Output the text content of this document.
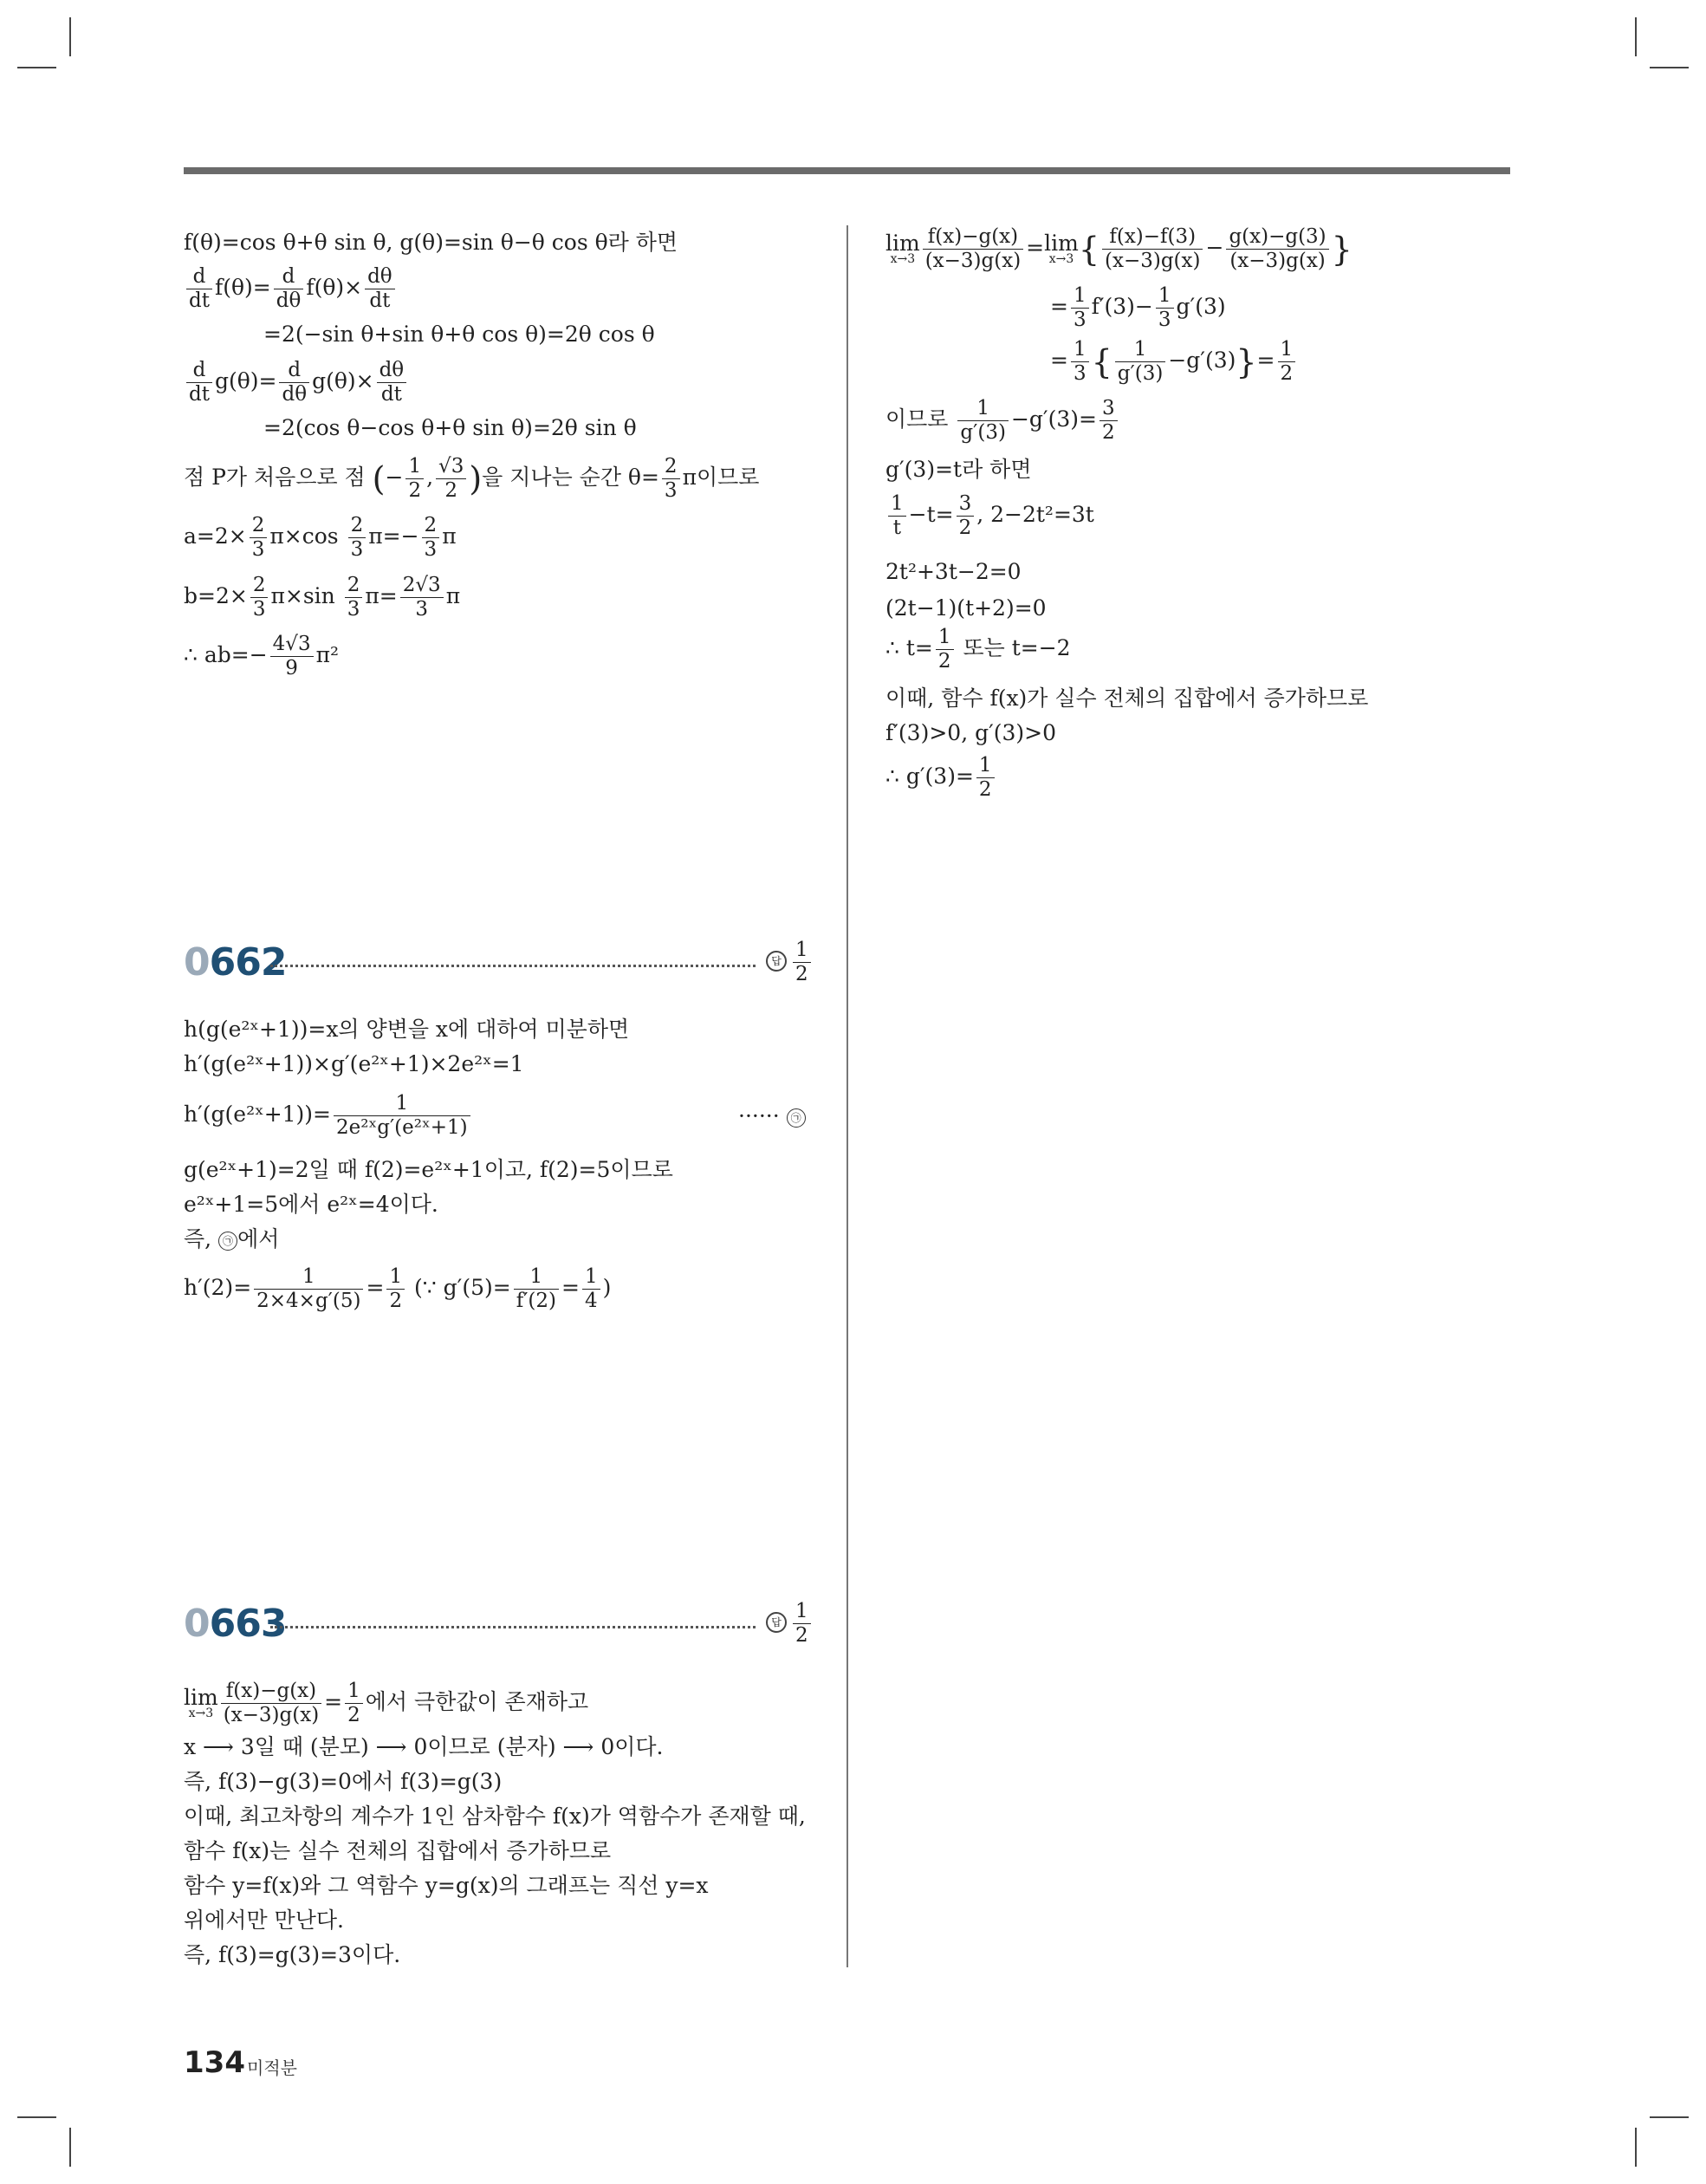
f(θ)=cos θ+θ sin θ, g(θ)=sin θ−θ cos θ라 하면
$\frac{d}{dt} f(\theta)= \frac{d}{d\theta} f(\theta)\times \frac{d\theta}{dt}$
=2(−sin θ+sin θ+θ cos θ)=2θ cos θ
$\frac{d}{dt} g(\theta)= \frac{d}{d\theta} g(\theta)\times \frac{d\theta}{dt}$
=2(cos θ−cos θ+θ sin θ)=2θ sin θ
점 P가 처음으로 점 (− $\frac{1}{2}$ , $\frac{√3}{2}$ )을 지나는 순간 $\theta= \frac{2}{3}$ π이므로
$a=2\times \frac{2}{3} \pi\times\cos \frac{2}{3} \pi=- \frac{2}{3}$ π
$b=2\times \frac{2}{3} \pi\times\sin \frac{2}{3} \pi= \frac{2√3}{3}$ π
∴ $ab=- \frac{4√3}{9} \pi^2$
0662	답 $\frac{1}{2}$
h(g(e²ˣ+1))=x의 양변을 x에 대하여 미분하면
h′(g(e²ˣ+1))×g′(e²ˣ+1)×2e²ˣ=1
h′(g(e²ˣ+1))= $\frac{1}{\text{2e²ˣg′(e²ˣ+1)}}$	······ ㉠
g(e²ˣ+1)=2일 때 f(2)=e²ˣ+1이고, f(2)=5이므로
e²ˣ+1=5에서 e²ˣ=4이다.
즉, ㉠ 에서
$h'(2)= \frac{1}{2\times 4\times g'(5)} = \frac{1}{2}$ (∵ $g'(5)= \frac{1}{f'(2)} = \frac{1}{4}$ )
0663	답 $\frac{1}{2}$
lim
$x\to 3 \frac{f(x)-g(x)}{(x-3)g(x)} = \frac{1}{2}$ 에서 극한값이 존재하고
x ⟶ 3일 때 (분모) ⟶ 0이므로 (분자) ⟶ 0이다.
즉, f(3)−g(3)=0에서 f(3)=g(3)
이때, 최고차항의 계수가 1인 삼차함수 f(x)가 역함수가 존재할 때,
함수 f(x)는 실수 전체의 집합에서 증가하므로
함수 y=f(x)와 그 역함수 y=g(x)의 그래프는 직선 y=x
위에서만 만난다.
즉, f(3)=g(3)=3이다.
lim
$x\to 3 \frac{f(x)-g(x)}{(x-3)g(x)} =\lim$
x→3 { $\frac{f(x)-f(3)}{(x-3)g(x)} - \frac{g(x)-g(3)}{(x-3)g(x)}$ }
= $\frac{1}{3} f'(3)- \frac{1}{3} g'(3)$
= $\frac{1}{3}$ { $\frac{1}{g'(3)} -g'(3)\}= \frac{1}{2}$
이므로 $\frac{1}{g'(3)} -g'(3)= \frac{3}{2}$
g′(3)=t라 하면
$\frac{1}{t} -t= \frac{3}{2}$ , 2−2t²=3t
2t²+3t−2=0
(2t−1)(t+2)=0
∴ $t= \frac{1}{2}$ 또는 t=−2
이때, 함수 f(x)가 실수 전체의 집합에서 증가하므로
f′(3)>0, g′(3)>0
∴ $g'(3)= \frac{1}{2}$
134 미적분
